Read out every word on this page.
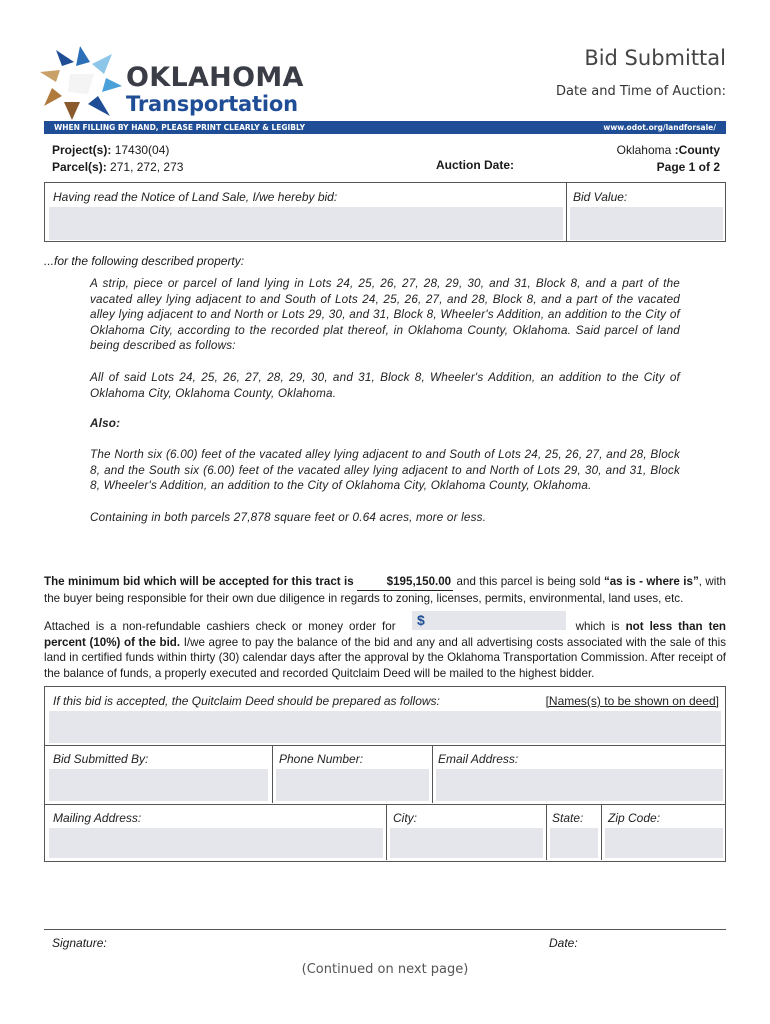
OKLAHOMA
Transportation
Bid Submittal
Date and Time of Auction:
WHEN FILLING BY HAND, PLEASE PRINT CLEARLY & LEGIBLY	www.odot.org/landforsale/
Project(s): 17430(04)
Parcel(s): 271, 272, 273	Auction Date:
Oklahoma :County
Page 1 of 2
Having read the Notice of Land Sale, I/we hereby bid:	Bid Value:
...for the following described property:
A strip, piece or parcel of land lying in Lots 24, 25, 26, 27, 28, 29, 30, and 31, Block 8, and a part of the vacated alley lying adjacent to and South of Lots 24, 25, 26, 27, and 28, Block 8, and a part of the vacated alley lying adjacent to and North or Lots 29, 30, and 31, Block 8, Wheeler's Addition, an addition to the City of Oklahoma City, according to the recorded plat thereof, in Oklahoma County, Oklahoma. Said parcel of land being described as follows:
All of said Lots 24, 25, 26, 27, 28, 29, 30, and 31, Block 8, Wheeler's Addition, an addition to the City of Oklahoma City, Oklahoma County, Oklahoma.
Also:
The North six (6.00) feet of the vacated alley lying adjacent to and South of Lots 24, 25, 26, 27, and 28, Block 8, and the South six (6.00) feet of the vacated alley lying adjacent to and North of Lots 29, 30, and 31, Block 8, Wheeler's Addition, an addition to the City of Oklahoma City, Oklahoma County, Oklahoma.
Containing in both parcels 27,878 square feet or 0.64 acres, more or less.
The minimum bid which will be accepted for this tract is	$195,150.00 and this parcel is being sold “as is - where is”, with the buyer being responsible for their own due diligence in regards to zoning, licenses, permits, environmental, land uses, etc.
$
Attached is a non-refundable cashiers check or money order for	which is not less than ten percent (10%) of the bid. I/we agree to pay the balance of the bid and any and all advertising costs associated with the sale of this land in certified funds within thirty (30) calendar days after the approval by the Oklahoma Transportation Commission. After receipt of the balance of funds, a properly executed and recorded Quitclaim Deed will be mailed to the highest bidder.
If this bid is accepted, the Quitclaim Deed should be prepared as follows:	[Names(s) to be shown on deed]
Bid Submitted By:	Phone Number:	Email Address:
Mailing Address:	City:	State: Zip Code:
Signature:	Date:
(Continued on next page)
